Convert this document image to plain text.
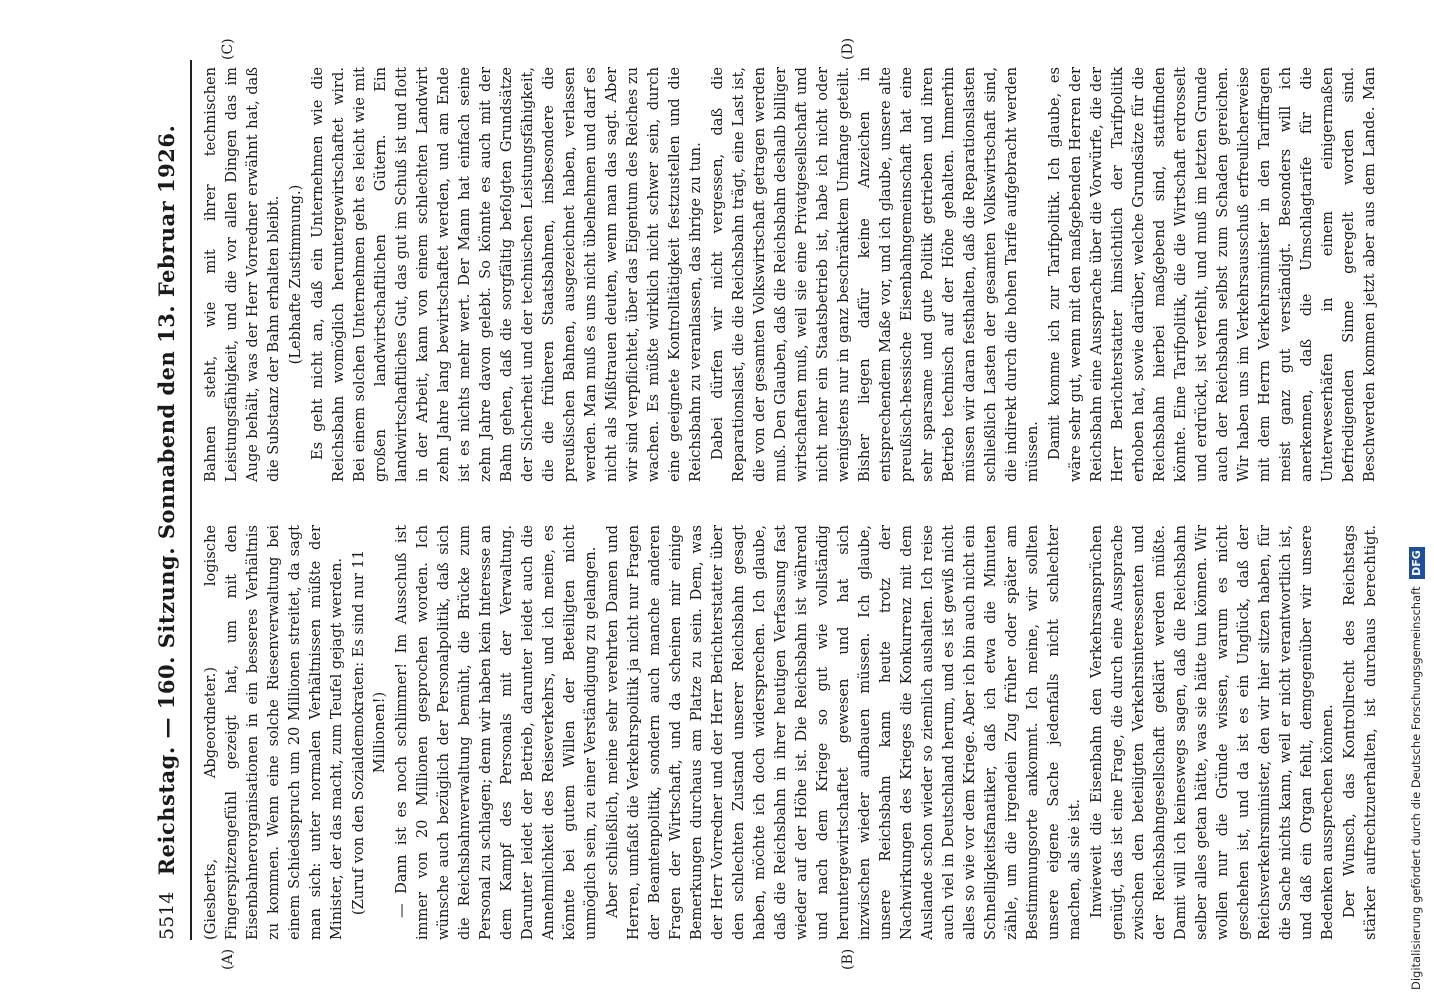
5514
Reichstag. — 160. Sitzung. Sonnabend den 13. Februar 1926.
(A)	(B)
(C)	(D)

(Giesberts, Abgeordneter.) logische Fingerspitzengefühl gezeigt hat, um mit den Eisenbahnerorganisationen in ein besseres Verhältnis zu kommen. Wenn eine solche Riesenverwaltung bei einem Schiedsspruch um 20 Millionen streitet, da sagt man sich: unter normalen Verhältnissen müßte der Minister, der das macht, zum Teufel gejagt werden. (Zuruf von den Sozialdemokraten: Es sind nur 11 Millionen!) — Dann ist es noch schlimmer! Im Ausschuß ist immer von 20 Millionen gesprochen worden. Ich wünsche auch bezüglich der Personalpolitik, daß sich die Reichsbahnverwaltung bemüht, die Brücke zum Personal zu schlagen; denn wir haben kein Interesse an dem Kampf des Personals mit der Verwaltung. Darunter leidet der Betrieb, darunter leidet auch die Annehmlichkeit des Reiseverkehrs, und ich meine, es könnte bei gutem Willen der Beteiligten nicht unmöglich sein, zu einer Verständigung zu gelangen. Aber schließlich, meine sehr verehrten Damen und Herren, umfaßt die Verkehrspolitik ja nicht nur Fragen der Beamtenpolitik, sondern auch manche anderen Fragen der Wirtschaft, und da scheinen mir einige Bemerkungen durchaus am Platze zu sein. Dem, was der Herr Vorredner und der Herr Berichterstatter über den schlechten Zustand unserer Reichsbahn gesagt haben, möchte ich doch widersprechen. Ich glaube, daß die Reichsbahn in ihrer heutigen Verfassung fast wieder auf der Höhe ist. Die Reichsbahn ist während und nach dem Kriege so gut wie vollständig heruntergewirtschaftet gewesen und hat sich inzwischen wieder aufbauen müssen. Ich glaube, unsere Reichsbahn kann heute trotz der Nachwirkungen des Krieges die Konkurrenz mit dem Auslande schon wieder so ziemlich aushalten. Ich reise auch viel in Deutschland herum, und es ist gewiß nicht alles so wie vor dem Kriege. Aber ich bin auch nicht ein Schnelligkeitsfanatiker, daß ich etwa die Minuten zähle, um die irgendein Zug früher oder später am Bestimmungsorte ankommt. Ich meine, wir sollten unsere eigene Sache jedenfalls nicht schlechter machen, als sie ist. Inwieweit die Eisenbahn den Verkehrsansprüchen genügt, das ist eine Frage, die durch eine Aussprache zwischen den beteiligten Verkehrsinteressenten und der Reichsbahngesellschaft geklärt werden müßte. Damit will ich keineswegs sagen, daß die Reichsbahn selber alles getan hätte, was sie hätte tun können. Wir wollen nur die Gründe wissen, warum es nicht geschehen ist, und da ist es ein Unglück, daß der Reichsverkehrsminister, den wir hier sitzen haben, für die Sache nichts kann, weil er nicht verantwortlich ist, und daß ein Organ fehlt, demgegenüber wir unsere Bedenken aussprechen können. Der Wunsch, das Kontrollrecht des Reichstags stärker aufrechtzuerhalten, ist durchaus berechtigt.

Bahnen steht, wie mit ihrer technischen Leistungsfähigkeit, und die vor allen Dingen das im Auge behält, was der Herr Vorredner erwähnt hat, daß die Substanz der Bahn erhalten bleibt. (Lebhafte Zustimmung.) Es geht nicht an, daß ein Unternehmen wie die Reichsbahn womöglich heruntergewirtschaftet wird. Bei einem solchen Unternehmen geht es leicht wie mit großen landwirtschaftlichen Gütern. Ein landwirtschaftliches Gut, das gut im Schuß ist und flott in der Arbeit, kann von einem schlechten Landwirt zehn Jahre lang bewirtschaftet werden, und am Ende ist es nichts mehr wert. Der Mann hat einfach seine zehn Jahre davon gelebt. So könnte es auch mit der Bahn gehen, daß die sorgfältig befolgten Grundsätze der Sicherheit und der technischen Leistungsfähigkeit, die die früheren Staatsbahnen, insbesondere die preußischen Bahnen, ausgezeichnet haben, verlassen werden. Man muß es uns nicht übelnehmen und darf es nicht als Mißtrauen deuten, wenn man das sagt. Aber wir sind verpflichtet, über das Eigentum des Reiches zu wachen. Es müßte wirklich nicht schwer sein, durch eine geeignete Kontrolltätigkeit festzustellen und die Reichsbahn zu veranlassen, das ihrige zu tun. Dabei dürfen wir nicht vergessen, daß die Reparationslast, die die Reichsbahn trägt, eine Last ist, die von der gesamten Volkswirtschaft getragen werden muß. Den Glauben, daß die Reichsbahn deshalb billiger wirtschaften muß, weil sie eine Privatgesellschaft und nicht mehr ein Staatsbetrieb ist, habe ich nicht oder wenigstens nur in ganz beschränktem Umfange geteilt. Bisher liegen dafür keine Anzeichen in entsprechendem Maße vor, und ich glaube, unsere alte preußisch-hessische Eisenbahngemeinschaft hat eine sehr sparsame und gute Politik getrieben und ihren Betrieb technisch auf der Höhe gehalten. Immerhin müssen wir daran festhalten, daß die Reparationslasten schließlich Lasten der gesamten Volkswirtschaft sind, die indirekt durch die hohen Tarife aufgebracht werden müssen. Damit komme ich zur Tarifpolitik. Ich glaube, es wäre sehr gut, wenn mit den maßgebenden Herren der Reichsbahn eine Aussprache über die Vorwürfe, die der Herr Berichterstatter hinsichtlich der Tarifpolitik erhoben hat, sowie darüber, welche Grundsätze für die Reichsbahn hierbei maßgebend sind, stattfinden könnte. Eine Tarifpolitik, die die Wirtschaft erdrosselt und erdrückt, ist verfehlt, und muß im letzten Grunde auch der Reichsbahn selbst zum Schaden gereichen. Wir haben uns im Verkehrsausschuß erfreulicherweise mit dem Herrn Verkehrsminister in den Tariffragen meist ganz gut verständigt. Besonders will ich anerkennen, daß die Umschlagtarife für die Unterweserhäfen in einem einigermaßen befriedigenden Sinne geregelt worden sind. Beschwerden kommen jetzt aber aus dem Lande. Man

Digitalisierung gefördert durch die Deutsche Forschungsgemeinschaft DFG
